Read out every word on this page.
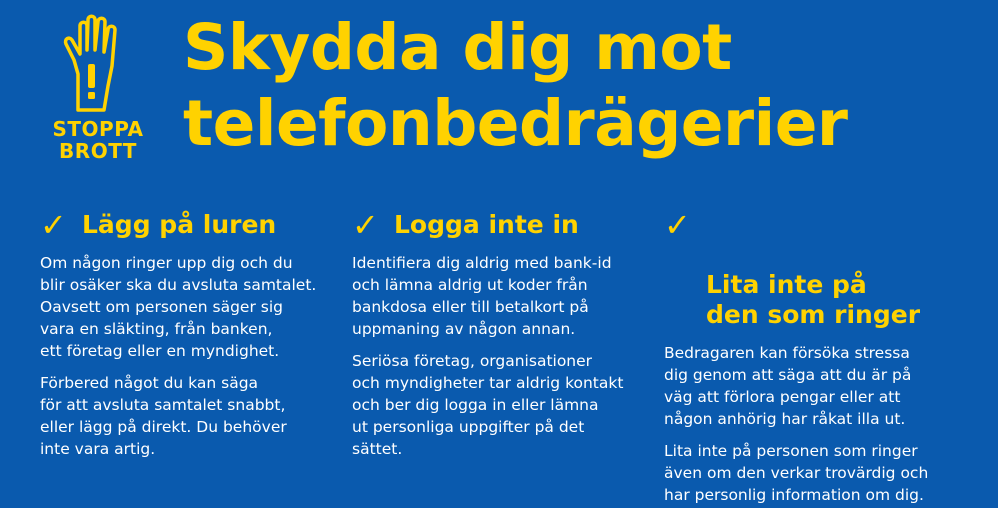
STOPPA
BROTT
Skydda dig mot
telefonbedrägerier
✓ Lägg på luren

Om någon ringer upp dig och du
blir osäker ska du avsluta samtalet.
Oavsett om personen säger sig
vara en släkting, från banken,
ett företag eller en myndighet.

Förbered något du kan säga
för att avsluta samtalet snabbt,
eller lägg på direkt. Du behöver
inte vara artig.

✓ Logga inte in

Identifiera dig aldrig med bank-id
och lämna aldrig ut koder från
bankdosa eller till betalkort på
uppmaning av någon annan.

Seriösa företag, organisationer
och myndigheter tar aldrig kontakt
och ber dig logga in eller lämna
ut personliga uppgifter på det
sättet.

✓

Lita inte på
den som ringer

Bedragaren kan försöka stressa
dig genom att säga att du är på
väg att förlora pengar eller att
någon anhörig har råkat illa ut.

Lita inte på personen som ringer
även om den verkar trovärdig och
har personlig information om dig.
